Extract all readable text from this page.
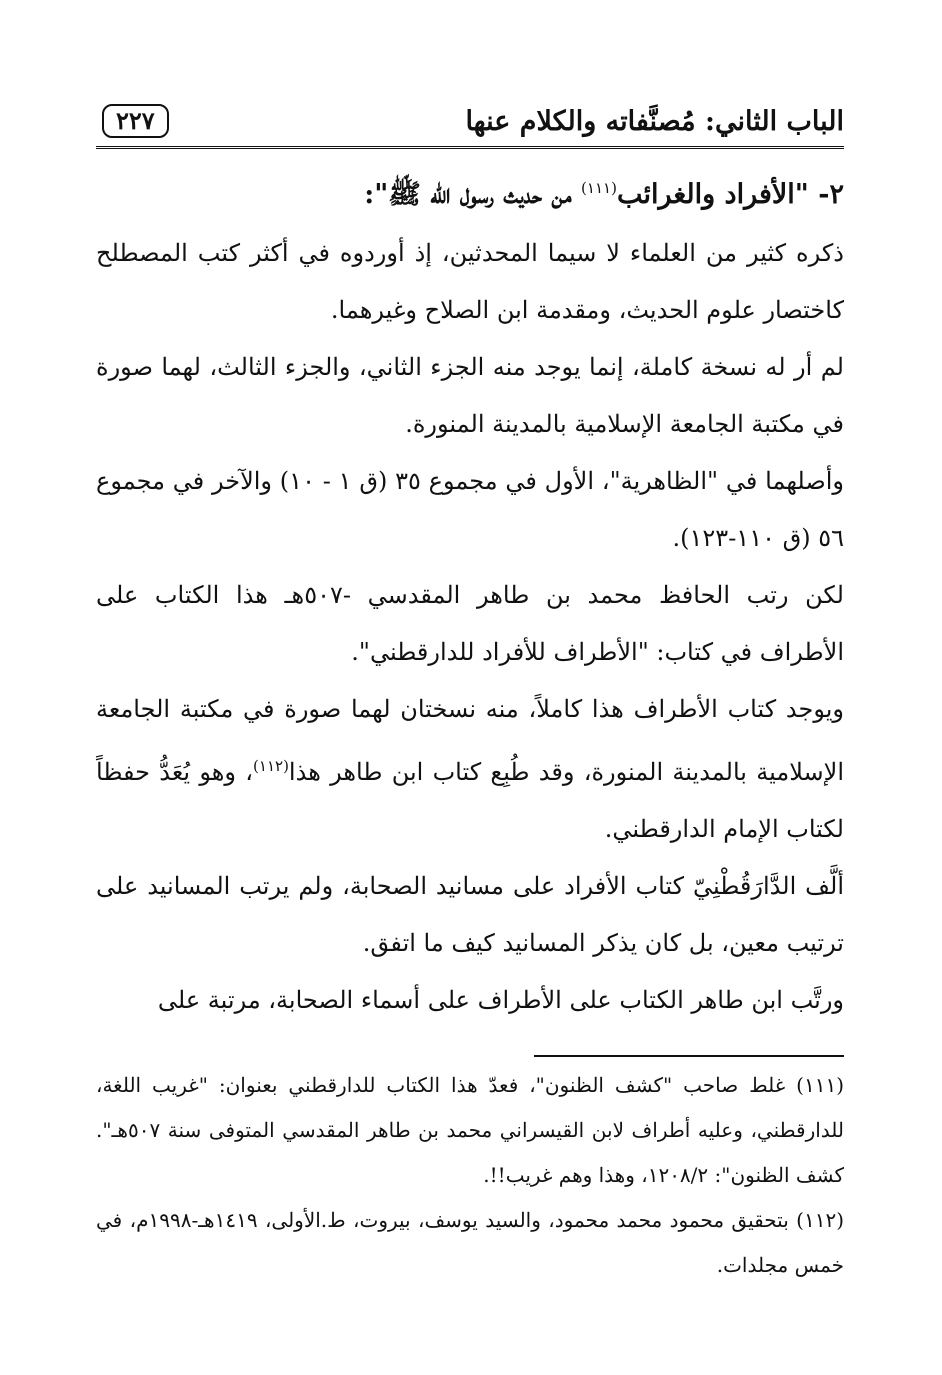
الباب الثاني: مُصنَّفاته والكلام عنها
٢٢٧
٢- "الأفراد والغرائب$^{(١١١)}$ من حديث رسول الله ﷺ":

ذكره كثير من العلماء لا سيما المحدثين، إذ أوردوه في أكثر كتب المصطلح كاختصار علوم الحديث، ومقدمة ابن الصلاح وغيرهما.

لم أر له نسخة كاملة، إنما يوجد منه الجزء الثاني، والجزء الثالث، لهما صورة في مكتبة الجامعة الإسلامية بالمدينة المنورة.

وأصلهما في "الظاهرية"، الأول في مجموع ٣٥ (ق ١ - ١٠) والآخر في مجموع ٥٦ (ق ١١٠-١٢٣).

لكن رتب الحافظ محمد بن طاهر المقدسي -٥٠٧هـ هذا الكتاب على الأطراف في كتاب: "الأطراف للأفراد للدارقطني".

ويوجد كتاب الأطراف هذا كاملاً، منه نسختان لهما صورة في مكتبة الجامعة الإسلامية بالمدينة المنورة، وقد طُبِع كتاب ابن طاهر هذا$^{(١١٢)}$، وهو يُعَدُّ حفظاً لكتاب الإمام الدارقطني.

ألَّف الدَّارَقُطْنِيّ كتاب الأفراد على مسانيد الصحابة، ولم يرتب المسانيد على ترتيب معين، بل كان يذكر المسانيد كيف ما اتفق.

ورتَّب ابن طاهر الكتاب على الأطراف على أسماء الصحابة، مرتبة على

(١١١) غلط صاحب "كشف الظنون"، فعدّ هذا الكتاب للدارقطني بعنوان: "غريب اللغة، للدارقطني، وعليه أطراف لابن القيسراني محمد بن طاهر المقدسي المتوفى سنة ٥٠٧هـ". كشف الظنون": ١٢٠٨/٢، وهذا وهم غريب!!.

(١١٢) بتحقيق محمود محمد محمود، والسيد يوسف، بيروت، ط.الأولى، ١٤١٩هـ-١٩٩٨م، في خمس مجلدات.
